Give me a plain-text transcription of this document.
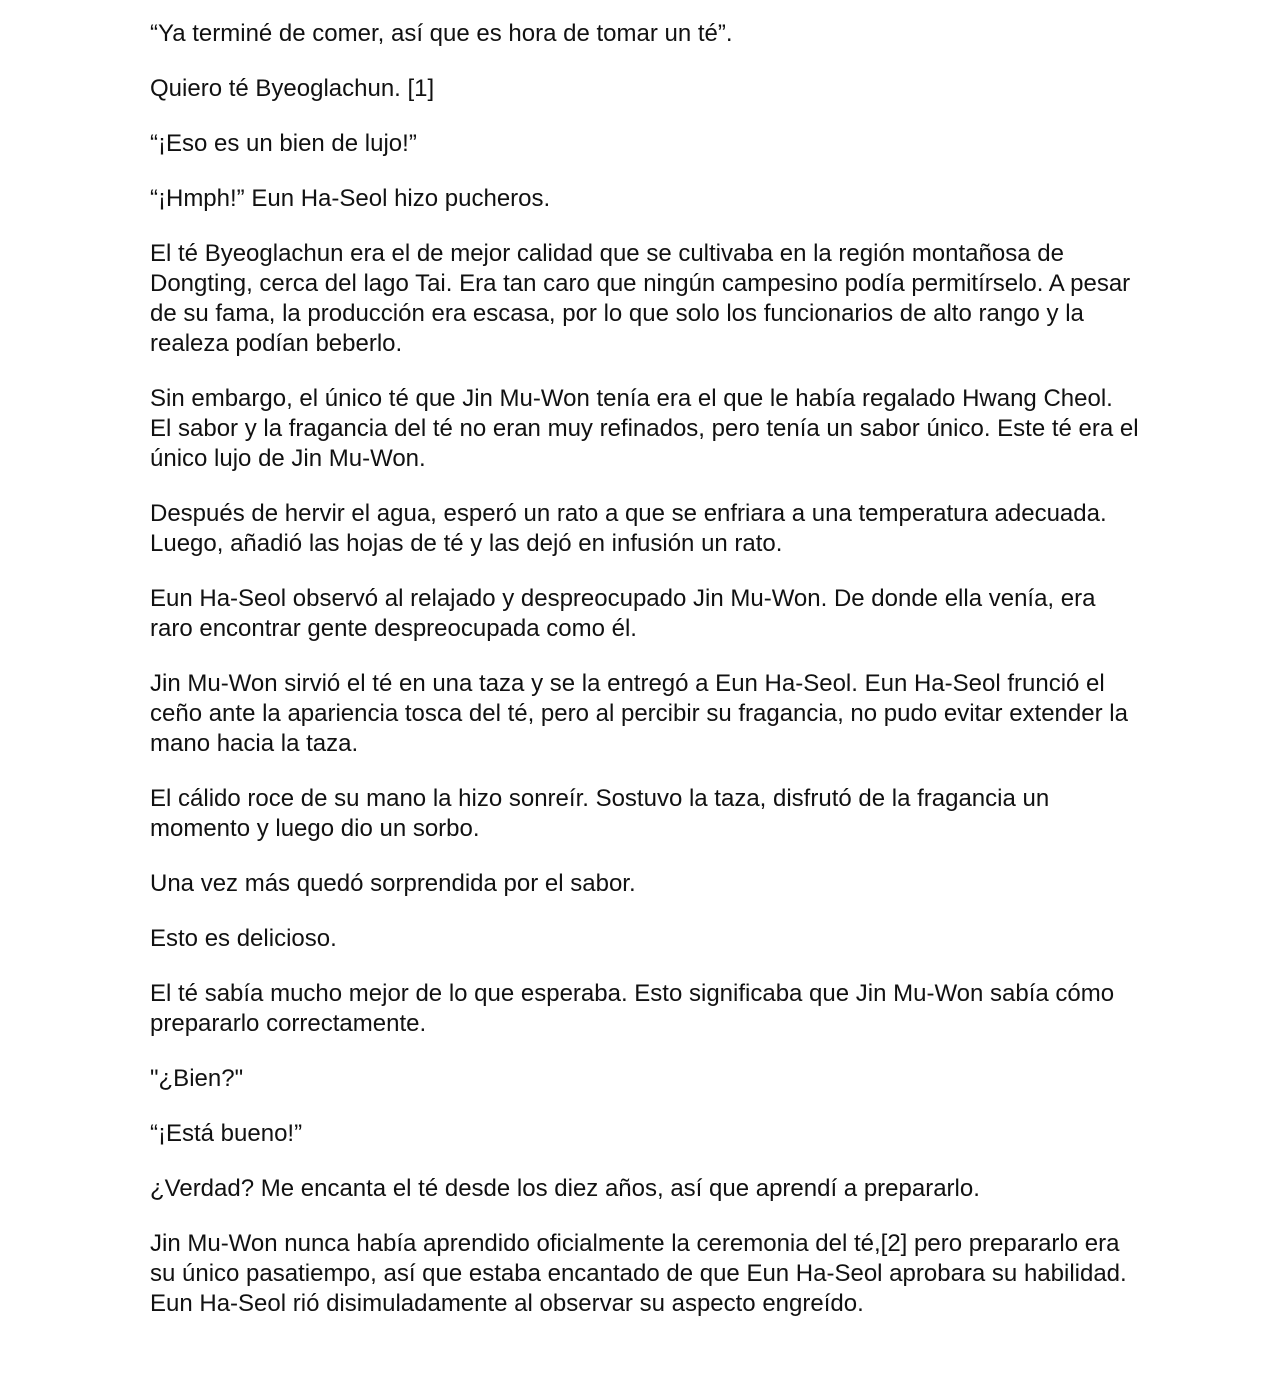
“Ya terminé de comer, así que es hora de tomar un té”.

Quiero té Byeoglachun. [1]

“¡Eso es un bien de lujo!”

“¡Hmph!” Eun Ha-Seol hizo pucheros.

El té Byeoglachun era el de mejor calidad que se cultivaba en la región montañosa de Dongting, cerca del lago Tai. Era tan caro que ningún campesino podía permitírselo. A pesar de su fama, la producción era escasa, por lo que solo los funcionarios de alto rango y la realeza podían beberlo.

Sin embargo, el único té que Jin Mu-Won tenía era el que le había regalado Hwang Cheol. El sabor y la fragancia del té no eran muy refinados, pero tenía un sabor único. Este té era el único lujo de Jin Mu-Won.

Después de hervir el agua, esperó un rato a que se enfriara a una temperatura adecuada. Luego, añadió las hojas de té y las dejó en infusión un rato.

Eun Ha-Seol observó al relajado y despreocupado Jin Mu-Won. De donde ella venía, era raro encontrar gente despreocupada como él.

Jin Mu-Won sirvió el té en una taza y se la entregó a Eun Ha-Seol. Eun Ha-Seol frunció el ceño ante la apariencia tosca del té, pero al percibir su fragancia, no pudo evitar extender la mano hacia la taza.

El cálido roce de su mano la hizo sonreír. Sostuvo la taza, disfrutó de la fragancia un momento y luego dio un sorbo.

Una vez más quedó sorprendida por el sabor.

Esto es delicioso.

El té sabía mucho mejor de lo que esperaba. Esto significaba que Jin Mu-Won sabía cómo prepararlo correctamente.

"¿Bien?"

“¡Está bueno!”

¿Verdad? Me encanta el té desde los diez años, así que aprendí a prepararlo.

Jin Mu-Won nunca había aprendido oficialmente la ceremonia del té,[2] pero prepararlo era su único pasatiempo, así que estaba encantado de que Eun Ha-Seol aprobara su habilidad. Eun Ha-Seol rió disimuladamente al observar su aspecto engreído.
